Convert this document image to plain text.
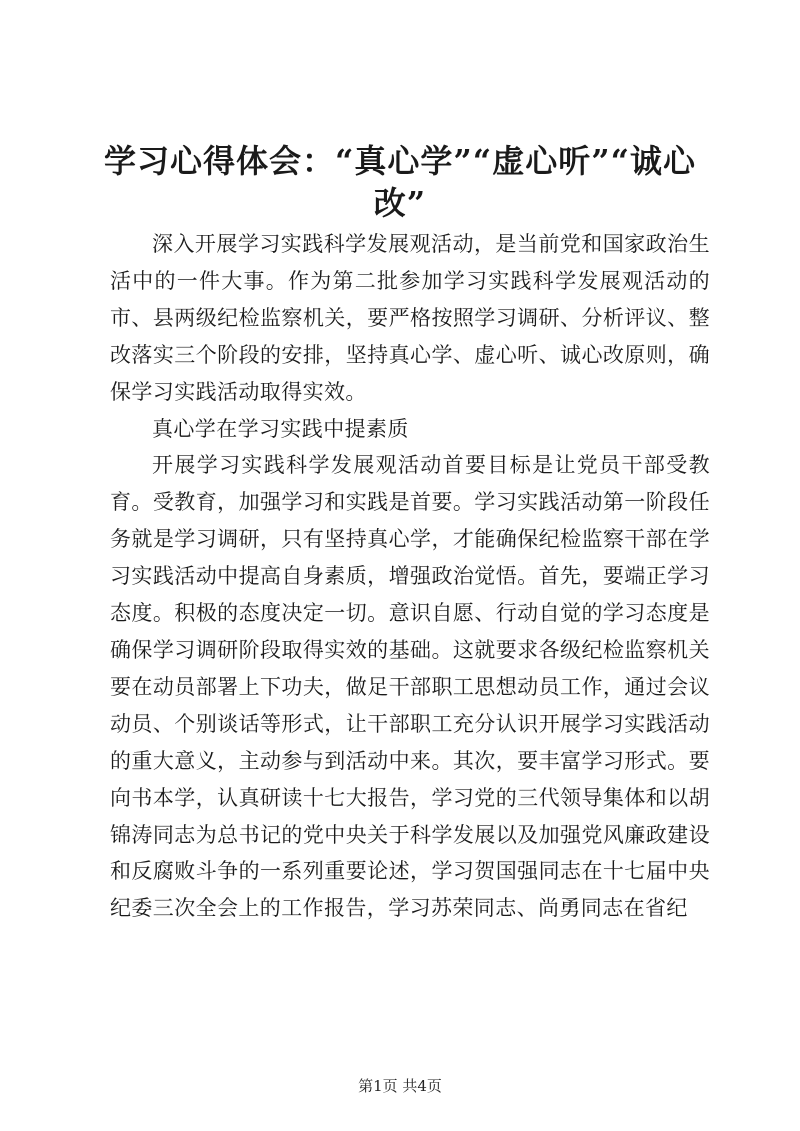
学习心得体会：“真心学”“虚心听”“诚心改”

深入开展学习实践科学发展观活动，是当前党和国家政治生活中的一件大事。作为第二批参加学习实践科学发展观活动的市、县两级纪检监察机关，要严格按照学习调研、分析评议、整改落实三个阶段的安排，坚持真心学、虚心听、诚心改原则，确保学习实践活动取得实效。

真心学在学习实践中提素质

开展学习实践科学发展观活动首要目标是让党员干部受教育。受教育，加强学习和实践是首要。学习实践活动第一阶段任务就是学习调研，只有坚持真心学，才能确保纪检监察干部在学习实践活动中提高自身素质，增强政治觉悟。首先，要端正学习态度。积极的态度决定一切。意识自愿、行动自觉的学习态度是确保学习调研阶段取得实效的基础。这就要求各级纪检监察机关要在动员部署上下功夫，做足干部职工思想动员工作，通过会议动员、个别谈话等形式，让干部职工充分认识开展学习实践活动的重大意义，主动参与到活动中来。其次，要丰富学习形式。要向书本学，认真研读十七大报告，学习党的三代领导集体和以胡锦涛同志为总书记的党中央关于科学发展以及加强党风廉政建设和反腐败斗争的一系列重要论述，学习贺国强同志在十七届中央纪委三次全会上的工作报告，学习苏荣同志、尚勇同志在省纪

第1页 共4页
